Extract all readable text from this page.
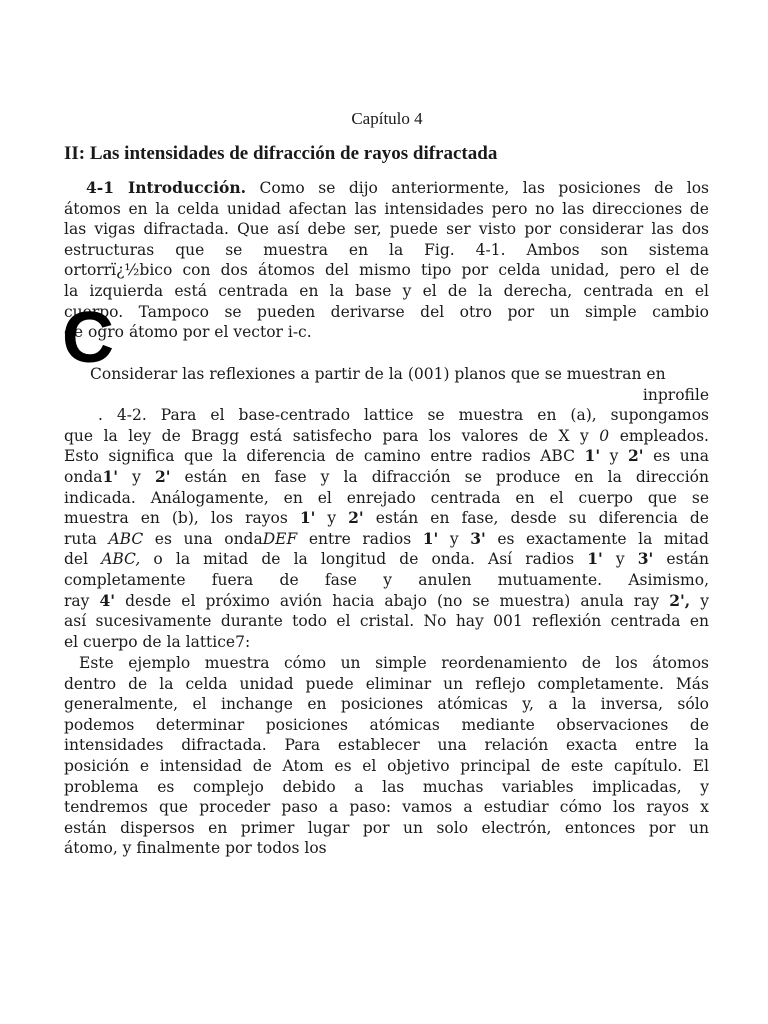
Capítulo 4
II: Las intensidades de difracción de rayos difractada
4-1 Introducción. Como se dijo anteriormente, las posiciones de los
átomos en la celda unidad afectan las intensidades pero no las direcciones de
las vigas difractada. Que así debe ser, puede ser visto por considerar las dos
estructuras que se muestra en la Fig. 4-1. Ambos son sistema
ortorrï¿½bico con dos átomos del mismo tipo por celda unidad, pero el de
la izquierda está centrada en la base y el de la derecha, centrada en el
cuerpo. Tampoco se pueden derivarse del otro por un simple cambio
de ogro átomo por el vector i-c.
C
Considerar las reflexiones a partir de la (001) planos que se muestran en
inprofile
. 4-2. Para el base-centrado lattice se muestra en (a), supongamos
que la ley de Bragg está satisfecho para los valores de X y 0 empleados.
Esto significa que la diferencia de camino entre radios ABC 1' y 2' es una
onda1' y 2' están en fase y la difracción se produce en la dirección
indicada. Análogamente, en el enrejado centrada en el cuerpo que se
muestra en (b), los rayos 1' y 2' están en fase, desde su diferencia de
ruta ABC es una ondaDEF entre radios 1' y 3' es exactamente la mitad
del ABC, o la mitad de la longitud de onda. Así radios 1' y 3' están
completamente fuera de fase y anulen mutuamente. Asimismo,
ray 4' desde el próximo avión hacia abajo (no se muestra) anula ray 2', y
así sucesivamente durante todo el cristal. No hay 001 reflexión centrada en
el cuerpo de la lattice7:
Este ejemplo muestra cómo un simple reordenamiento de los átomos
dentro de la celda unidad puede eliminar un reflejo completamente. Más
generalmente, el inchange en posiciones atómicas y, a la inversa, sólo
podemos determinar posiciones atómicas mediante observaciones de
intensidades difractada. Para establecer una relación exacta entre la
posición e intensidad de Atom es el objetivo principal de este capítulo. El
problema es complejo debido a las muchas variables implicadas, y
tendremos que proceder paso a paso: vamos a estudiar cómo los rayos x
están dispersos en primer lugar por un solo electrón, entonces por un
átomo, y finalmente por todos los
